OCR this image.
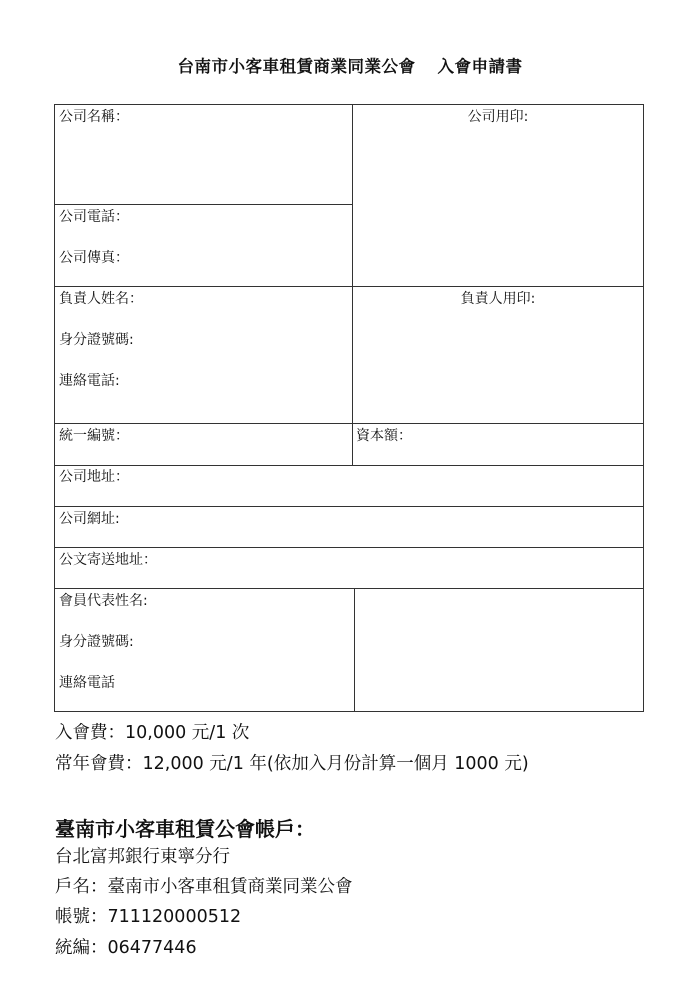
台南市小客車租賃商業同業公會 入會申請書
公司名稱：	公司用印:
公司電話：
公司傳真：
負責人姓名：	負責人用印:
身分證號碼:
連絡電話:
統一編號：	資本額：
公司地址：
公司網址:
公文寄送地址：
會員代表性名:
身分證號碼:
連絡電話
入會費：10,000 元/1 次
常年會費：12,000 元/1 年(依加入月份計算一個月 1000 元)
臺南市小客車租賃公會帳戶：
台北富邦銀行東寧分行
戶名：臺南市小客車租賃商業同業公會
帳號：711120000512
統編：06477446
